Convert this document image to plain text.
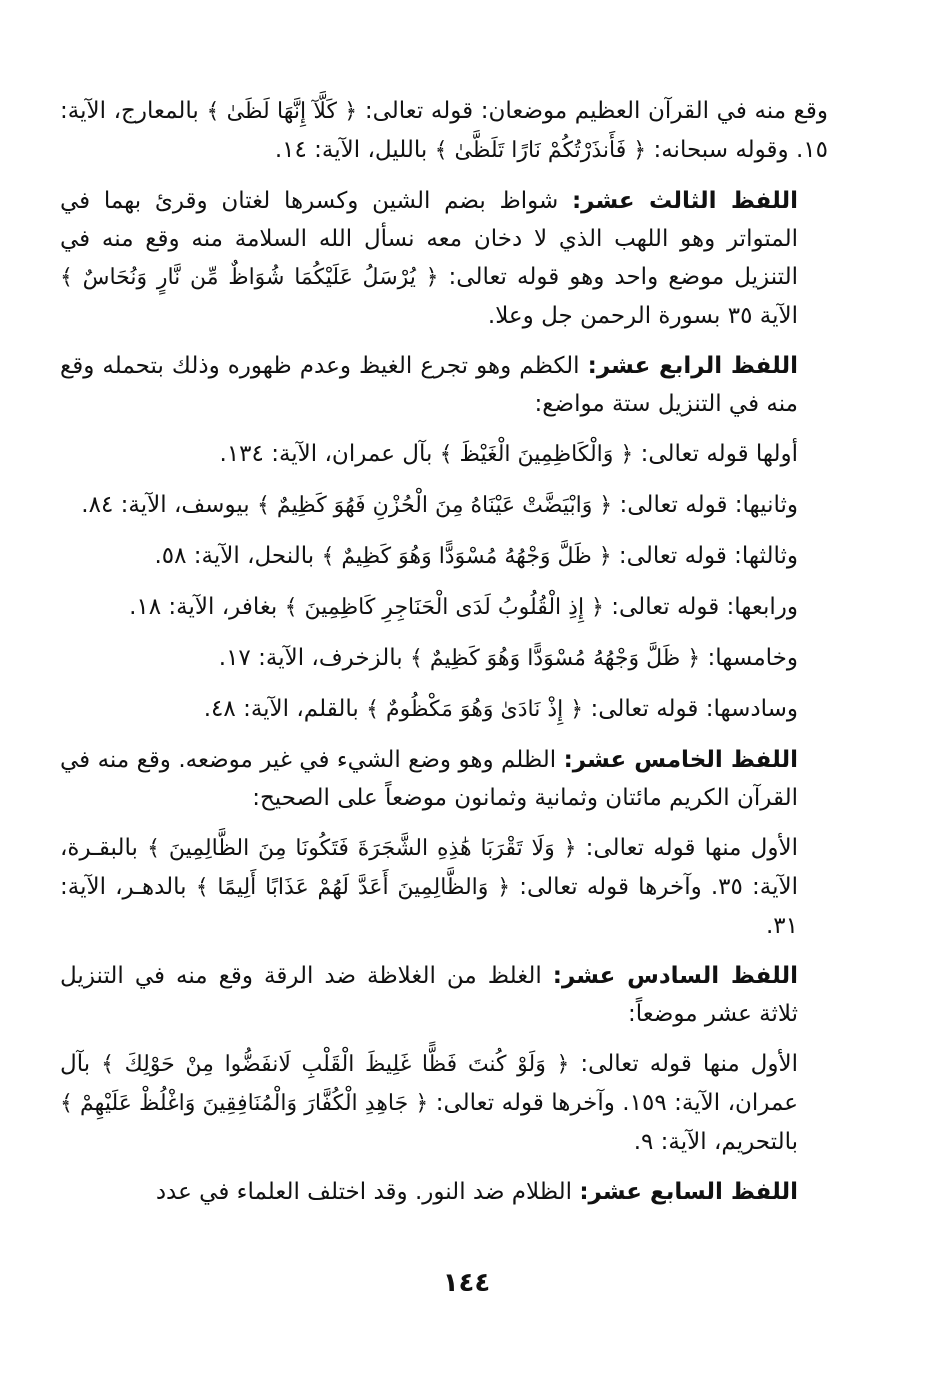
وقع منه في القرآن العظيم موضعان: قوله تعالى: ﴿ كَلَّآ إِنَّهَا لَظَىٰ ﴾ بالمعارج، الآية: ١٥. وقوله سبحانه: ﴿ فَأَنذَرْتُكُمْ نَارًا تَلَظَّىٰ ﴾ بالليل، الآية: ١٤.

اللفظ الثالث عشر: شواظ بضم الشين وكسرها لغتان وقرئ بهما في المتواتر وهو اللهب الذي لا دخان معه نسأل الله السلامة منه وقع منه في التنزيل موضع واحد وهو قوله تعالى: ﴿ يُرْسَلُ عَلَيْكُمَا شُوَاظٌ مِّن نَّارٍ وَنُحَاسٌ ﴾ الآية ٣٥ بسورة الرحمن جل وعلا.

اللفظ الرابع عشر: الكظم وهو تجرع الغيظ وعدم ظهوره وذلك بتحمله وقع منه في التنزيل ستة مواضع:

أولها قوله تعالى: ﴿ وَالْكَاظِمِينَ الْغَيْظَ ﴾ بآل عمران، الآية: ١٣٤.

وثانيها: قوله تعالى: ﴿ وَابْيَضَّتْ عَيْنَاهُ مِنَ الْحُزْنِ فَهُوَ كَظِيمٌ ﴾ بيوسف، الآية: ٨٤.

وثالثها: قوله تعالى: ﴿ ظَلَّ وَجْهُهُ مُسْوَدًّا وَهُوَ كَظِيمٌ ﴾ بالنحل، الآية: ٥٨.

ورابعها: قوله تعالى: ﴿ إِذِ الْقُلُوبُ لَدَى الْحَنَاجِرِ كَاظِمِينَ ﴾ بغافر، الآية: ١٨.

وخامسها: ﴿ ظَلَّ وَجْهُهُ مُسْوَدًّا وَهُوَ كَظِيمٌ ﴾ بالزخرف، الآية: ١٧.

وسادسها: قوله تعالى: ﴿ إِذْ نَادَىٰ وَهُوَ مَكْظُومٌ ﴾ بالقلم، الآية: ٤٨.

اللفظ الخامس عشر: الظلم وهو وضع الشيء في غير موضعه. وقع منه في القرآن الكريم مائتان وثمانية وثمانون موضعاً على الصحيح:

الأول منها قوله تعالى: ﴿ وَلَا تَقْرَبَا هَٰذِهِ الشَّجَرَةَ فَتَكُونَا مِنَ الظَّالِمِينَ ﴾ بالبقـرة، الآية: ٣٥. وآخرها قوله تعالى: ﴿ وَالظَّالِمِينَ أَعَدَّ لَهُمْ عَذَابًا أَلِيمًا ﴾ بالدهـر، الآية: ٣١.

اللفظ السادس عشر: الغلظ من الغلاظة ضد الرقة وقع منه في التنزيل ثلاثة عشر موضعاً:

الأول منها قوله تعالى: ﴿ وَلَوْ كُنتَ فَظًّا غَلِيظَ الْقَلْبِ لَانفَضُّوا مِنْ حَوْلِكَ ﴾ بآل عمران، الآية: ١٥٩. وآخرها قوله تعالى: ﴿ جَاهِدِ الْكُفَّارَ وَالْمُنَافِقِينَ وَاغْلُظْ عَلَيْهِمْ ﴾ بالتحريم، الآية: ٩.

اللفظ السابع عشر: الظلام ضد النور. وقد اختلف العلماء في عدد

١٤٤
